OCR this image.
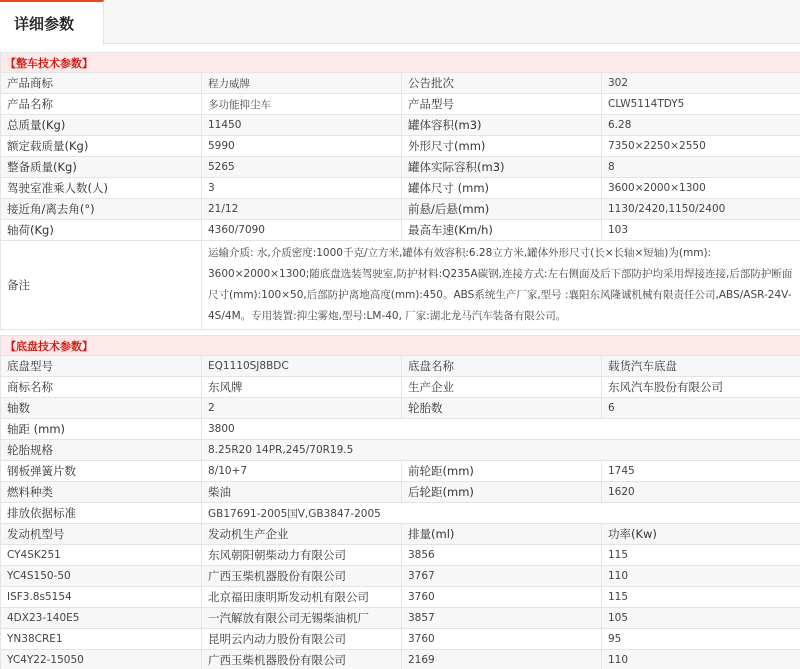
详细参数
【整车技术参数】			
产品商标	程力威牌	公告批次	302
产品名称	多功能抑尘车	产品型号	CLW5114TDY5
总质量(Kg)	11450	罐体容积(m3)	6.28
额定载质量(Kg)	5990	外形尺寸(mm)	7350×2250×2550
整备质量(Kg)	5265	罐体实际容积(m3)	8
驾驶室准乘人数(人)	3	罐体尺寸 (mm)	3600×2000×1300
接近角/离去角(°)	21/12	前悬/后悬(mm)	1130/2420,1150/2400
轴荷(Kg)	4360/7090	最高车速(Km/h)	103
备注	运输介质: 水,介质密度:1000千克/立方米,罐体有效容积:6.28立方米,罐体外形尺寸(长×长轴×短轴)为(mm): 3600×2000×1300;随底盘选装驾驶室,防护材料:Q235A碳钢,连接方式:左右侧面及后下部防护均采用焊接连接,后部防护断面尺寸(mm):100×50,后部防护离地高度(mm):450。ABS系统生产厂家,型号 :襄阳东风隆诚机械有限责任公司,ABS/ASR-24V-4S/4M。专用装置:抑尘雾炮,型号:LM-40, 厂家:湖北龙马汽车装备有限公司。		

【底盘技术参数】			
底盘型号	EQ1110SJ8BDC	底盘名称	载货汽车底盘
商标名称	东风牌	生产企业	东风汽车股份有限公司
轴数	2	轮胎数	6
轴距 (mm)	3800		
轮胎规格	8.25R20 14PR,245/70R19.5		
钢板弹簧片数	8/10+7	前轮距(mm)	1745
燃料种类	柴油	后轮距(mm)	1620
排放依据标准	GB17691-2005国V,GB3847-2005		
发动机型号	发动机生产企业	排量(ml)	功率(Kw)
CY4SK251	东风朝阳朝柴动力有限公司	3856	115
YC4S150-50	广西玉柴机器股份有限公司	3767	110
ISF3.8s5154	北京福田康明斯发动机有限公司	3760	115
4DX23-140E5	一汽解放有限公司无锡柴油机厂	3857	105
YN38CRE1	昆明云内动力股份有限公司	3760	95
YC4Y22-15050	广西玉柴机器股份有限公司	2169	110
